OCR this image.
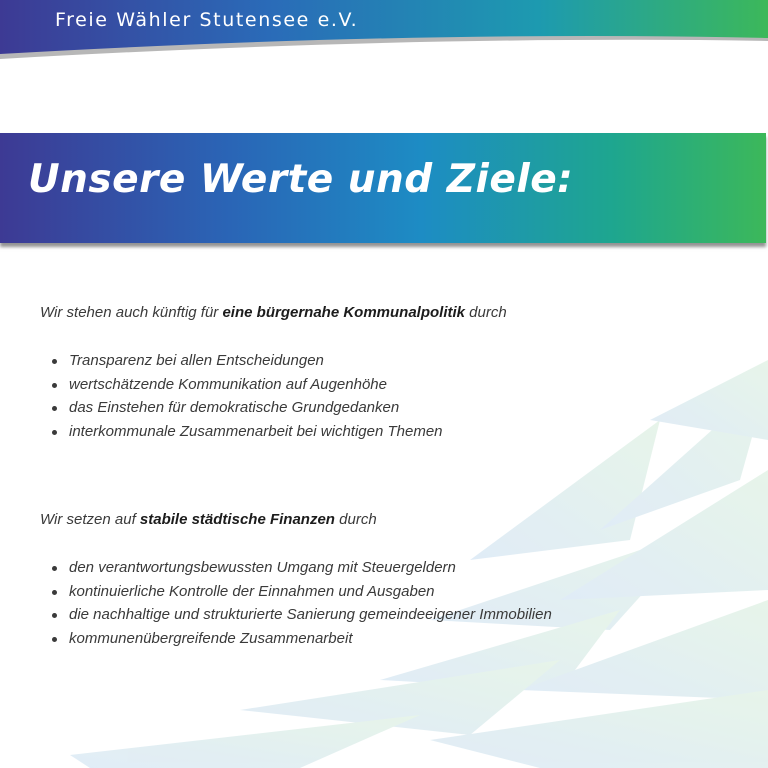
Freie Wähler Stutensee e.V.
Unsere Werte und Ziele:

Wir stehen auch künftig für eine bürgernahe Kommunalpolitik durch

Transparenz bei allen Entscheidungen
wertschätzende Kommunikation auf Augenhöhe
das Einstehen für demokratische Grundgedanken
interkommunale Zusammenarbeit bei wichtigen Themen

Wir setzen auf stabile städtische Finanzen durch

den verantwortungsbewussten Umgang mit Steuergeldern
kontinuierliche Kontrolle der Einnahmen und Ausgaben
die nachhaltige und strukturierte Sanierung gemeindeeigener Immobilien
kommunenübergreifende Zusammenarbeit
